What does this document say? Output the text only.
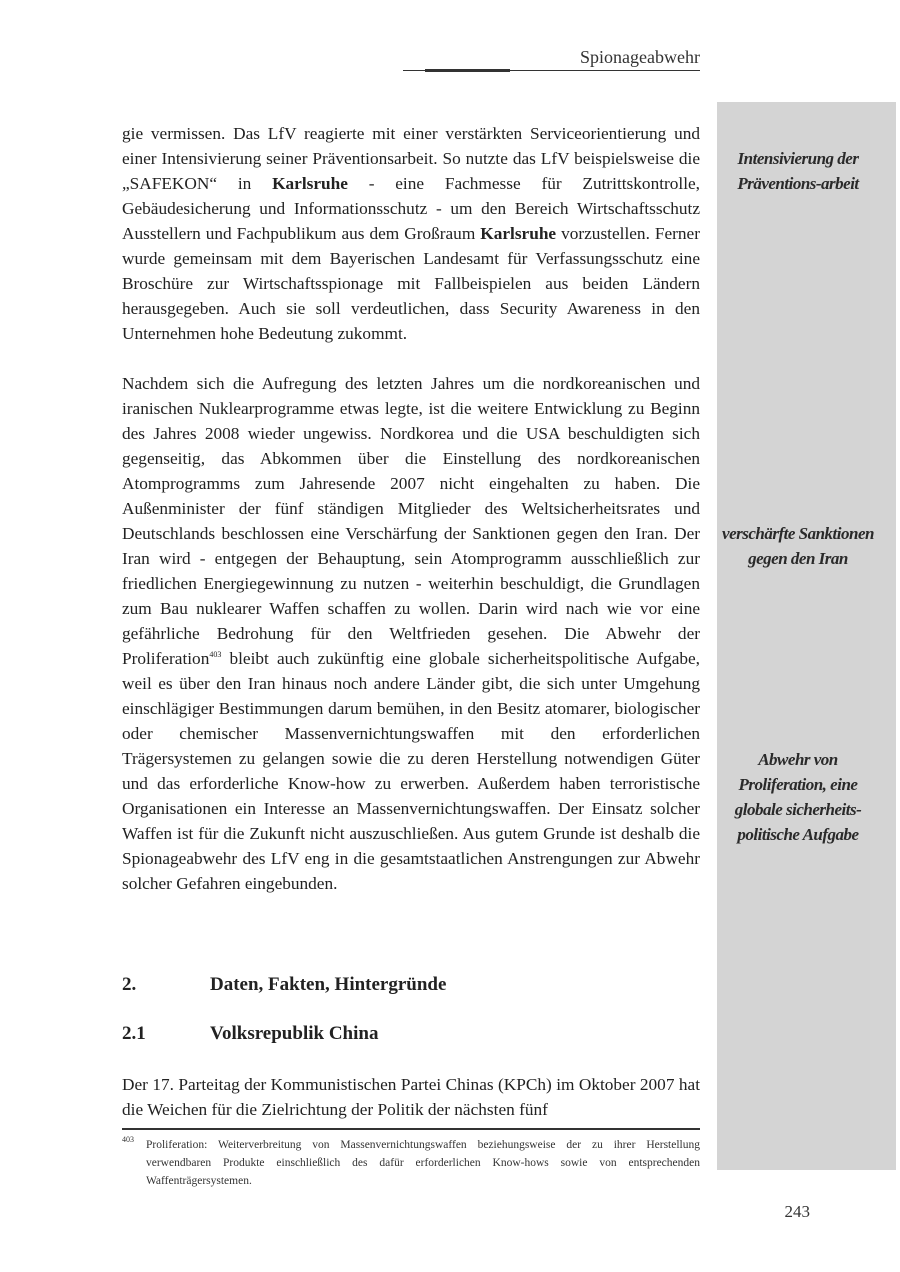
Spionageabwehr
Intensivierung der Präventions-arbeit
verschärfte Sanktionen gegen den Iran
Abwehr von Proliferation, eine globale sicherheits-politische Aufgabe

gie vermissen. Das LfV reagierte mit einer verstärkten Serviceorientierung und einer Intensivierung seiner Präventionsarbeit. So nutzte das LfV beispielsweise die „SAFEKON“ in Karlsruhe - eine Fachmesse für Zutrittskontrolle, Gebäudesicherung und Informationsschutz - um den Bereich Wirtschaftsschutz Ausstellern und Fachpublikum aus dem Großraum Karlsruhe vorzustellen. Ferner wurde gemeinsam mit dem Bayerischen Landesamt für Verfassungsschutz eine Broschüre zur Wirtschaftsspionage mit Fallbeispielen aus beiden Ländern herausgegeben. Auch sie soll verdeutlichen, dass Security Awareness in den Unternehmen hohe Bedeutung zukommt.

Nachdem sich die Aufregung des letzten Jahres um die nordkoreanischen und iranischen Nuklearprogramme etwas legte, ist die weitere Entwicklung zu Beginn des Jahres 2008 wieder ungewiss. Nordkorea und die USA beschuldigten sich gegenseitig, das Abkommen über die Einstellung des nordkoreanischen Atomprogramms zum Jahresende 2007 nicht eingehalten zu haben. Die Außenminister der fünf ständigen Mitglieder des Weltsicherheitsrates und Deutschlands beschlossen eine Verschärfung der Sanktionen gegen den Iran. Der Iran wird - entgegen der Behauptung, sein Atomprogramm ausschließlich zur friedlichen Energiegewinnung zu nutzen - weiterhin beschuldigt, die Grundlagen zum Bau nuklearer Waffen schaffen zu wollen. Darin wird nach wie vor eine gefährliche Bedrohung für den Weltfrieden gesehen. Die Abwehr der Proliferation$^{403}$ bleibt auch zukünftig eine globale sicherheitspolitische Aufgabe, weil es über den Iran hinaus noch andere Länder gibt, die sich unter Umgehung einschlägiger Bestimmungen darum bemühen, in den Besitz atomarer, biologischer oder chemischer Massenvernichtungswaffen mit den erforderlichen Trägersystemen zu gelangen sowie die zu deren Herstellung notwendigen Güter und das erforderliche Know-how zu erwerben. Außerdem haben terroristische Organisationen ein Interesse an Massenvernichtungswaffen. Der Einsatz solcher Waffen ist für die Zukunft nicht auszuschließen. Aus gutem Grunde ist deshalb die Spionageabwehr des LfV eng in die gesamtstaatlichen Anstrengungen zur Abwehr solcher Gefahren eingebunden.

2.	Daten, Fakten, Hintergründe
2.1	Volksrepublik China

Der 17. Parteitag der Kommunistischen Partei Chinas (KPCh) im Oktober 2007 hat die Weichen für die Zielrichtung der Politik der nächsten fünf

403 Proliferation: Weiterverbreitung von Massenvernichtungswaffen beziehungsweise der zu ihrer Herstellung verwendbaren Produkte einschließlich des dafür erforderlichen Know-hows sowie von entsprechenden Waffenträgersystemen.
243
